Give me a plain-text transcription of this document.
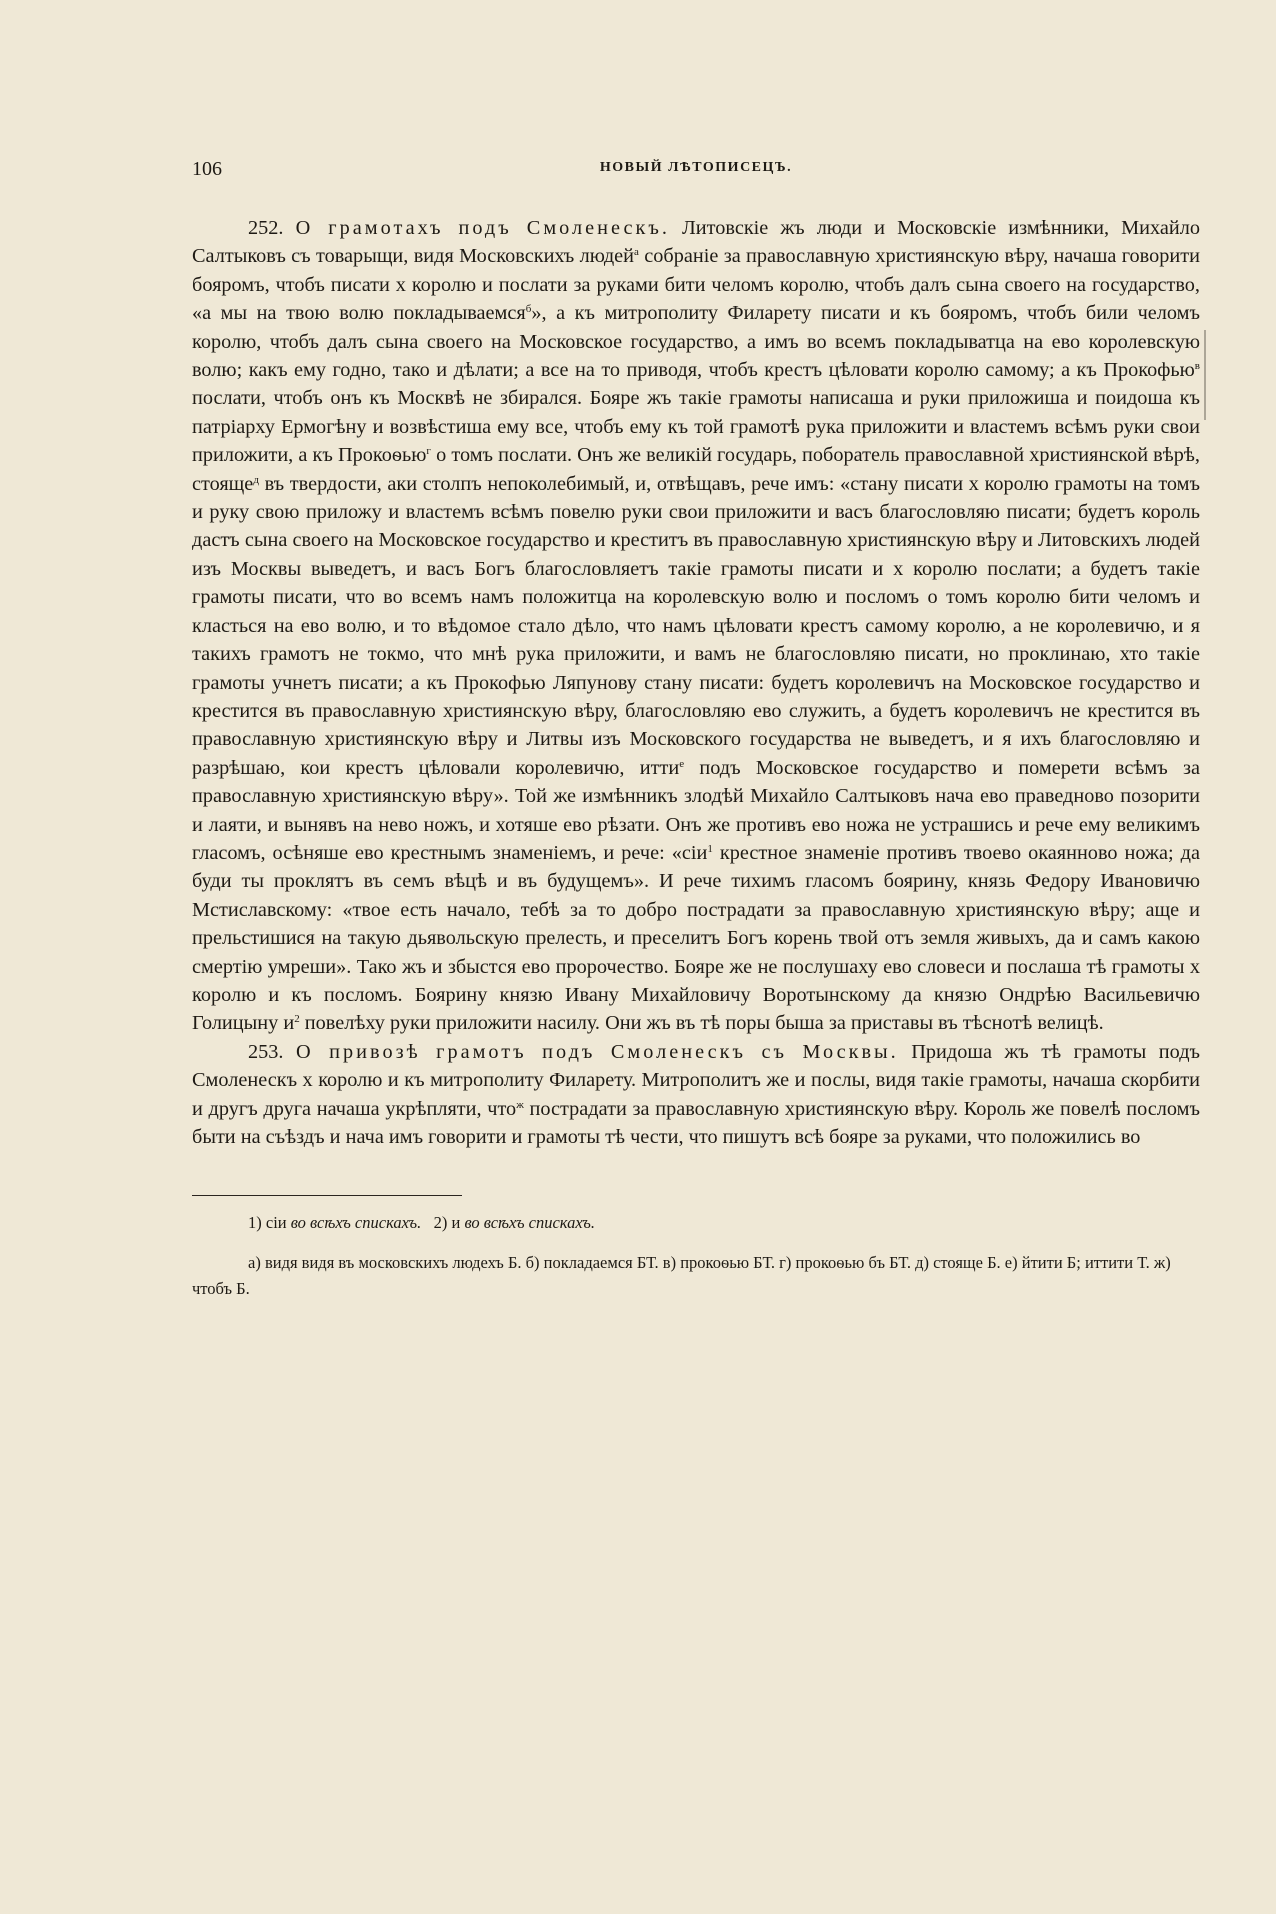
106	НОВЫЙ ЛѢТОПИСЕЦЪ.

252. О грамотахъ подъ Смоленескъ. Литовскіе жъ люди и Московскіе измѣнники, Михайло Салтыковъ съ товарыщи, видя Московскихъ людей$^а$ собраніе за православную християнскую вѣру, начаша говорити бояромъ, чтобъ писати х королю и послати за руками бити челомъ королю, чтобъ далъ сына своего на государство, «а мы на твою волю покладываемся$^б$», а къ митрополиту Филарету писати и къ бояромъ, чтобъ били челомъ королю, чтобъ далъ сына своего на Московское государство, а имъ во всемъ покладыватца на ево королевскую волю; какъ ему годно, тако и дѣлати; а все на то приводя, чтобъ крестъ цѣловати королю самому; а къ Прокофью$^в$ послати, чтобъ онъ къ Москвѣ не збирался. Бояре жъ такіе грамоты написаша и руки приложиша и поидоша къ патріарху Ермогѣну и возвѣстиша ему все, чтобъ ему къ той грамотѣ рука приложити и властемъ всѣмъ руки свои приложити, а къ Прокоѳью$^г$ о томъ послати. Онъ же великій государь, поборатель православной християнской вѣрѣ, стояще$^д$ въ твердости, аки столпъ непоколебимый, и, отвѣщавъ, рече имъ: «стану писати х королю грамоты на томъ и руку свою приложу и властемъ всѣмъ повелю руки свои приложити и васъ благословляю писати; будетъ король дастъ сына своего на Московское государство и креститъ въ православную християнскую вѣру и Литовскихъ людей изъ Москвы выведетъ, и васъ Богъ благословляетъ такіе грамоты писати и х королю послати; а будетъ такіе грамоты писати, что во всемъ намъ положитца на королевскую волю и посломъ о томъ королю бити челомъ и класться на ево волю, и то вѣдомое стало дѣло, что намъ цѣловати крестъ самому королю, а не королевичю, и я такихъ грамотъ не токмо, что мнѣ рука приложити, и вамъ не благословляю писати, но проклинаю, хто такіе грамоты учнетъ писати; а къ Прокофью Ляпунову стану писати: будетъ королевичъ на Московское государство и крестится въ православную християнскую вѣру, благословляю ево служить, а будетъ королевичъ не крестится въ православную християнскую вѣру и Литвы изъ Московского государства не выведетъ, и я ихъ благословляю и разрѣшаю, кои крестъ цѣловали королевичю, итти$^е$ подъ Московское государство и померети всѣмъ за православную християнскую вѣру». Той же измѣнникъ злодѣй Михайло Салтыковъ нача ево праведново позорити и лаяти, и вынявъ на нево ножъ, и хотяше ево рѣзати. Онъ же противъ ево ножа не устрашись и рече ему великимъ гласомъ, осѣняше ево крестнымъ знаменіемъ, и рече: «сіи$^1$ крестное знаменіе противъ твоево окаянново ножа; да буди ты проклятъ въ семъ вѣцѣ и въ будущемъ». И рече тихимъ гласомъ боярину, князь Федору Ивановичю Мстиславскому: «твое есть начало, тебѣ за то добро пострадати за православную християнскую вѣру; аще и прельстишися на такую дьявольскую прелесть, и преселитъ Богъ корень твой отъ земля живыхъ, да и самъ какою смертію умреши». Тако жъ и збыстся ево пророчество. Бояре же не послушаху ево словеси и послаша тѣ грамоты х королю и къ посломъ. Боярину князю Ивану Михайловичу Воротынскому да князю Ондрѣю Васильевичю Голицыну $и^2$ повелѣху руки приложити насилу. Они жъ въ тѣ поры быша за приставы въ тѣснотѣ велицѣ.

253. О привозѣ грамотъ подъ Смоленескъ съ Москвы. Придоша жъ тѣ грамоты подъ Смоленескъ х королю и къ митрополиту Филарету. Митрополитъ же и послы, видя такіе грамоты, начаша скорбити и другъ друга начаша укрѣпляти, что$^ж$ пострадати за православную християнскую вѣру. Король же повелѣ посломъ быти на съѣздъ и нача имъ говорити и грамоты тѣ чести, что пишутъ всѣ бояре за руками, что положились во

1) сіи во всѣхъ спискахъ. 2) и во всѣхъ спискахъ.

а) видя видя въ московскихъ людехъ Б. б) покладаемся БТ. в) прокоѳью БТ. г) прокоѳью бъ БТ. д) стояще Б. е) йтити Б; иттити Т. ж) чтобъ Б.
